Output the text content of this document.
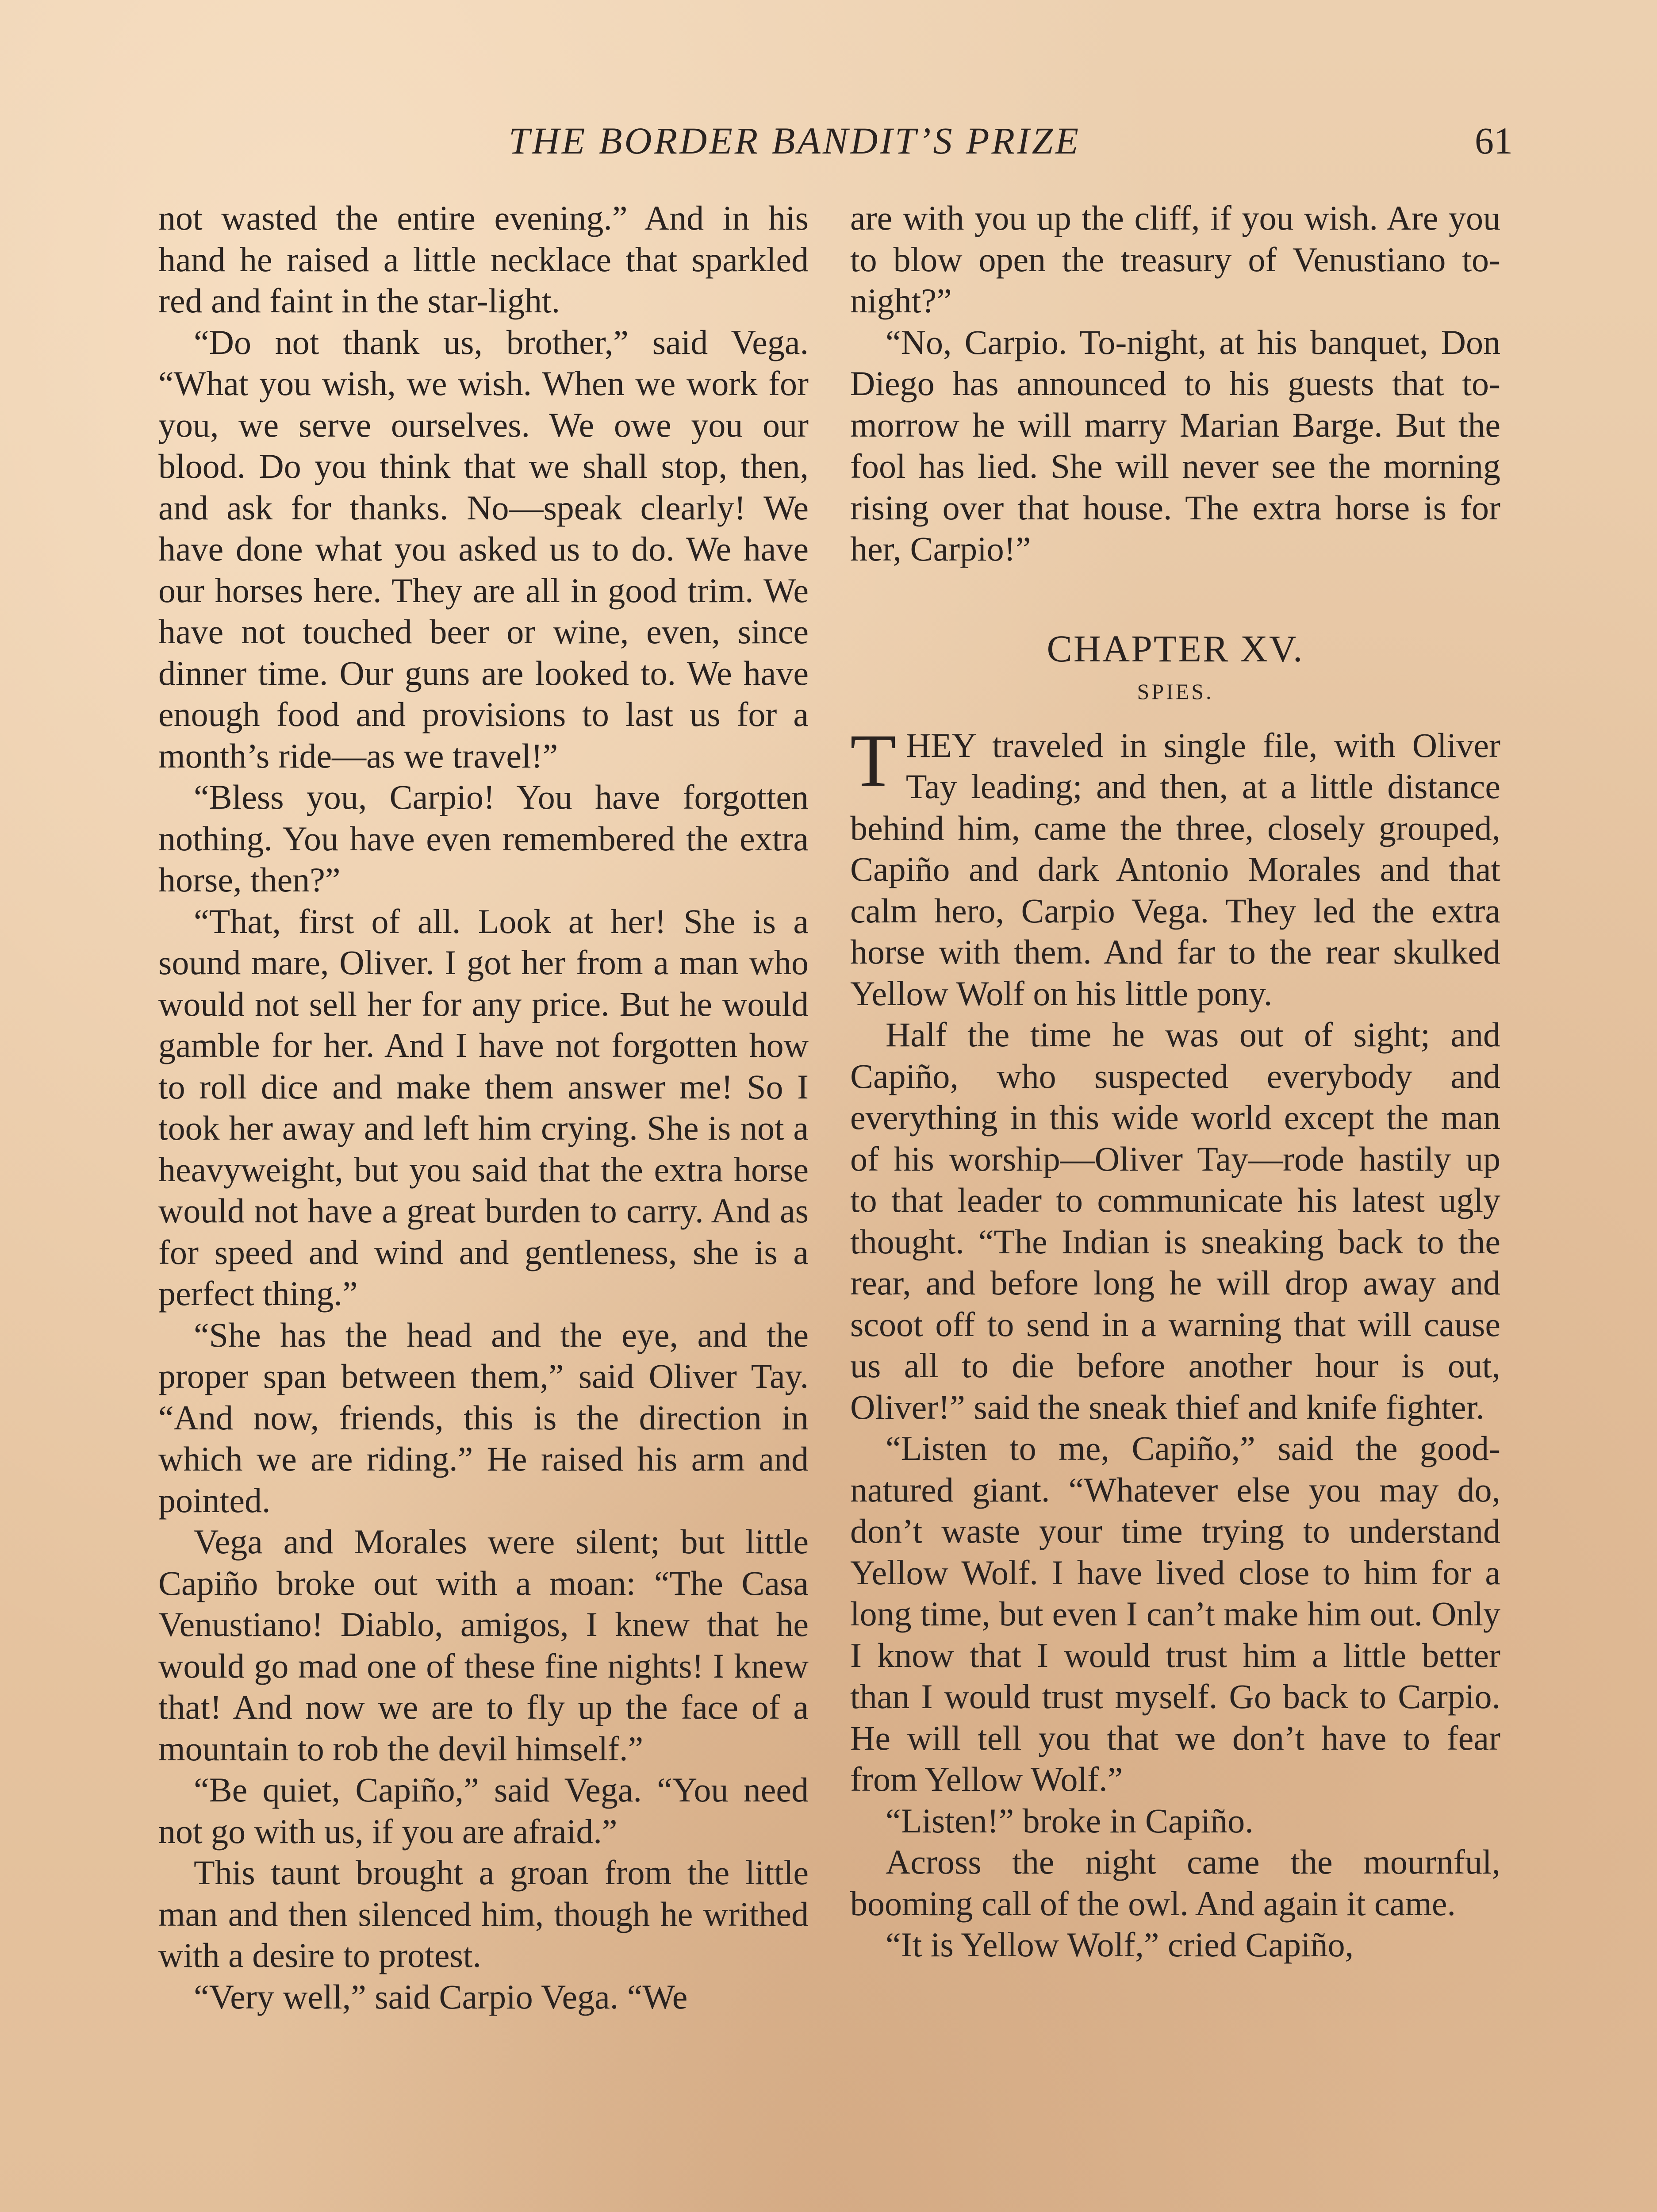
THE BORDER BANDIT’S PRIZE	61

not wasted the entire evening.” And in his hand he raised a little necklace that sparkled red and faint in the star-light.

“Do not thank us, brother,” said Vega. “What you wish, we wish. When we work for you, we serve ourselves. We owe you our blood. Do you think that we shall stop, then, and ask for thanks. No—speak clearly! We have done what you asked us to do. We have our horses here. They are all in good trim. We have not touched beer or wine, even, since dinner time. Our guns are looked to. We have enough food and provisions to last us for a month’s ride—as we travel!”

“Bless you, Carpio! You have forgotten nothing. You have even remembered the extra horse, then?”

“That, first of all. Look at her! She is a sound mare, Oliver. I got her from a man who would not sell her for any price. But he would gamble for her. And I have not forgotten how to roll dice and make them answer me! So I took her away and left him crying. She is not a heavyweight, but you said that the extra horse would not have a great burden to carry. And as for speed and wind and gentleness, she is a perfect thing.”

“She has the head and the eye, and the proper span between them,” said Oliver Tay. “And now, friends, this is the direction in which we are riding.” He raised his arm and pointed.

Vega and Morales were silent; but little Capiño broke out with a moan: “The Casa Venustiano! Diablo, amigos, I knew that he would go mad one of these fine nights! I knew that! And now we are to fly up the face of a mountain to rob the devil himself.”

“Be quiet, Capiño,” said Vega. “You need not go with us, if you are afraid.”

This taunt brought a groan from the little man and then silenced him, though he writhed with a desire to protest.

“Very well,” said Carpio Vega. “We

are with you up the cliff, if you wish. Are you to blow open the treasury of Venustiano to-night?”

“No, Carpio. To-night, at his banquet, Don Diego has announced to his guests that to-morrow he will marry Marian Barge. But the fool has lied. She will never see the morning rising over that house. The extra horse is for her, Carpio!”

CHAPTER XV.
SPIES.

THEY traveled in single file, with Oliver Tay leading; and then, at a little distance behind him, came the three, closely grouped, Capiño and dark Antonio Morales and that calm hero, Carpio Vega. They led the extra horse with them. And far to the rear skulked Yellow Wolf on his little pony.

Half the time he was out of sight; and Capiño, who suspected everybody and everything in this wide world except the man of his worship—Oliver Tay—rode hastily up to that leader to communicate his latest ugly thought. “The Indian is sneaking back to the rear, and before long he will drop away and scoot off to send in a warning that will cause us all to die before another hour is out, Oliver!” said the sneak thief and knife fighter.

“Listen to me, Capiño,” said the good-natured giant. “Whatever else you may do, don’t waste your time trying to understand Yellow Wolf. I have lived close to him for a long time, but even I can’t make him out. Only I know that I would trust him a little better than I would trust myself. Go back to Carpio. He will tell you that we don’t have to fear from Yellow Wolf.”

“Listen!” broke in Capiño.

Across the night came the mournful, booming call of the owl. And again it came.

“It is Yellow Wolf,” cried Capiño,
